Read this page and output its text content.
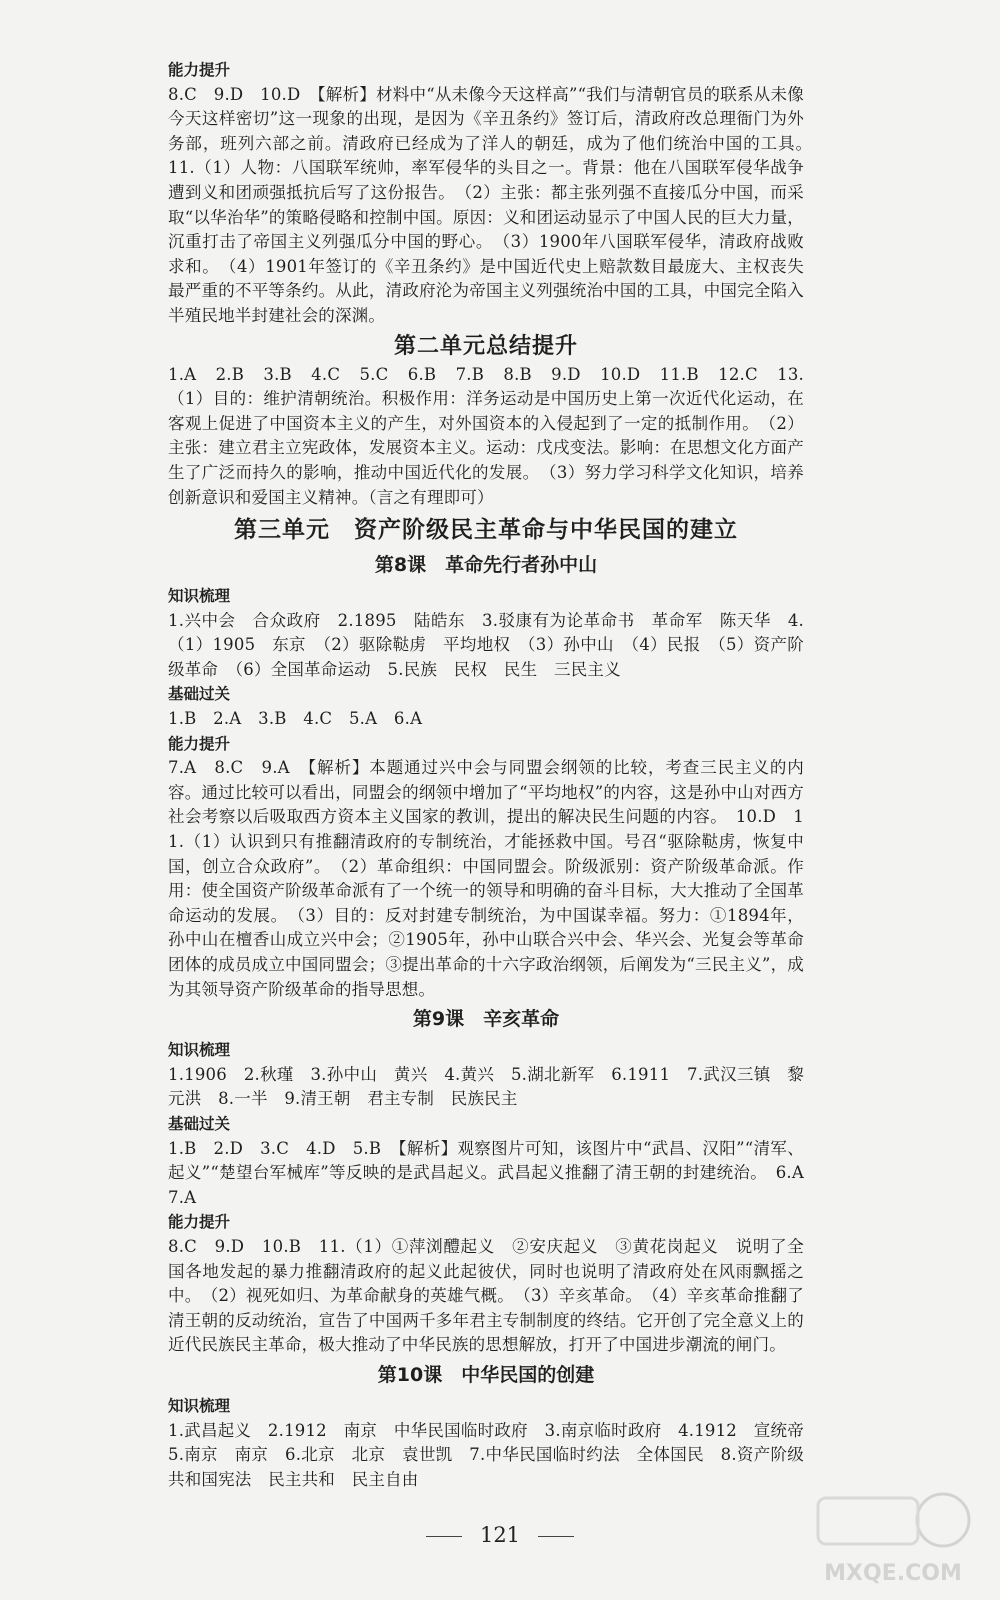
能力提升

8.C　9.D　10.D　【解析】材料中“从未像今天这样高”“我们与清朝官员的联系从未像今天这样密切”这一现象的出现，是因为《辛丑条约》签订后，清政府改总理衙门为外务部，班列六部之前。清政府已经成为了洋人的朝廷，成为了他们统治中国的工具。　11.（1）人物：八国联军统帅，率军侵华的头目之一。背景：他在八国联军侵华战争遭到义和团顽强抵抗后写了这份报告。　（2）主张：都主张列强不直接瓜分中国，而采取“以华治华”的策略侵略和控制中国。原因：义和团运动显示了中国人民的巨大力量，沉重打击了帝国主义列强瓜分中国的野心。　（3）1900年八国联军侵华，清政府战败求和。　（4）1901年签订的《辛丑条约》是中国近代史上赔款数目最庞大、主权丧失最严重的不平等条约。从此，清政府沦为帝国主义列强统治中国的工具，中国完全陷入半殖民地半封建社会的深渊。

第二单元总结提升

1.A　2.B　3.B　4.C　5.C　6.B　7.B　8.B　9.D　10.D　11.B　12.C　13.（1）目的：维护清朝统治。积极作用：洋务运动是中国历史上第一次近代化运动，在客观上促进了中国资本主义的产生，对外国资本的入侵起到了一定的抵制作用。　（2）主张：建立君主立宪政体，发展资本主义。运动：戊戌变法。影响：在思想文化方面产生了广泛而持久的影响，推动中国近代化的发展。　（3）努力学习科学文化知识，培养创新意识和爱国主义精神。（言之有理即可）

第三单元　资产阶级民主革命与中华民国的建立

第8课　革命先行者孙中山

知识梳理

1.兴中会　合众政府　2.1895　陆皓东　3.驳康有为论革命书　革命军　陈天华　4.（1）1905　东京　（2）驱除鞑虏　平均地权　（3）孙中山　（4）民报　（5）资产阶级革命　（6）全国革命运动　5.民族　民权　民生　三民主义

基础过关

1.B　2.A　3.B　4.C　5.A　6.A

能力提升

7.A　8.C　9.A　【解析】本题通过兴中会与同盟会纲领的比较，考查三民主义的内容。通过比较可以看出，同盟会的纲领中增加了“平均地权”的内容，这是孙中山对西方社会考察以后吸取西方资本主义国家的教训，提出的解决民生问题的内容。　10.D　11.（1）认识到只有推翻清政府的专制统治，才能拯救中国。号召“驱除鞑虏，恢复中国，创立合众政府”。　（2）革命组织：中国同盟会。阶级派别：资产阶级革命派。作用：使全国资产阶级革命派有了一个统一的领导和明确的奋斗目标，大大推动了全国革命运动的发展。　（3）目的：反对封建专制统治，为中国谋幸福。努力：①1894年，孙中山在檀香山成立兴中会；②1905年，孙中山联合兴中会、华兴会、光复会等革命团体的成员成立中国同盟会；③提出革命的十六字政治纲领，后阐发为“三民主义”，成为其领导资产阶级革命的指导思想。

第9课　辛亥革命

知识梳理

1.1906　2.秋瑾　3.孙中山　黄兴　4.黄兴　5.湖北新军　6.1911　7.武汉三镇　黎元洪　8.一半　9.清王朝　君主专制　民族民主

基础过关

1.B　2.D　3.C　4.D　5.B　【解析】观察图片可知，该图片中“武昌、汉阳”“清军、起义”“楚望台军械库”等反映的是武昌起义。武昌起义推翻了清王朝的封建统治。　6.A　7.A

能力提升

8.C　9.D　10.B　11.（1）①萍浏醴起义　②安庆起义　③黄花岗起义　说明了全国各地发起的暴力推翻清政府的起义此起彼伏，同时也说明了清政府处在风雨飘摇之中。　（2）视死如归、为革命献身的英雄气概。　（3）辛亥革命。　（4）辛亥革命推翻了清王朝的反动统治，宣告了中国两千多年君主专制制度的终结。它开创了完全意义上的近代民族民主革命，极大推动了中华民族的思想解放，打开了中国进步潮流的闸门。

第10课　中华民国的创建

知识梳理

1.武昌起义　2.1912　南京　中华民国临时政府　3.南京临时政府　4.1912　宣统帝　5.南京　南京　6.北京　北京　袁世凯　7.中华民国临时约法　全体国民　8.资产阶级共和国宪法　民主共和　民主自由

121
MXQE.COM
